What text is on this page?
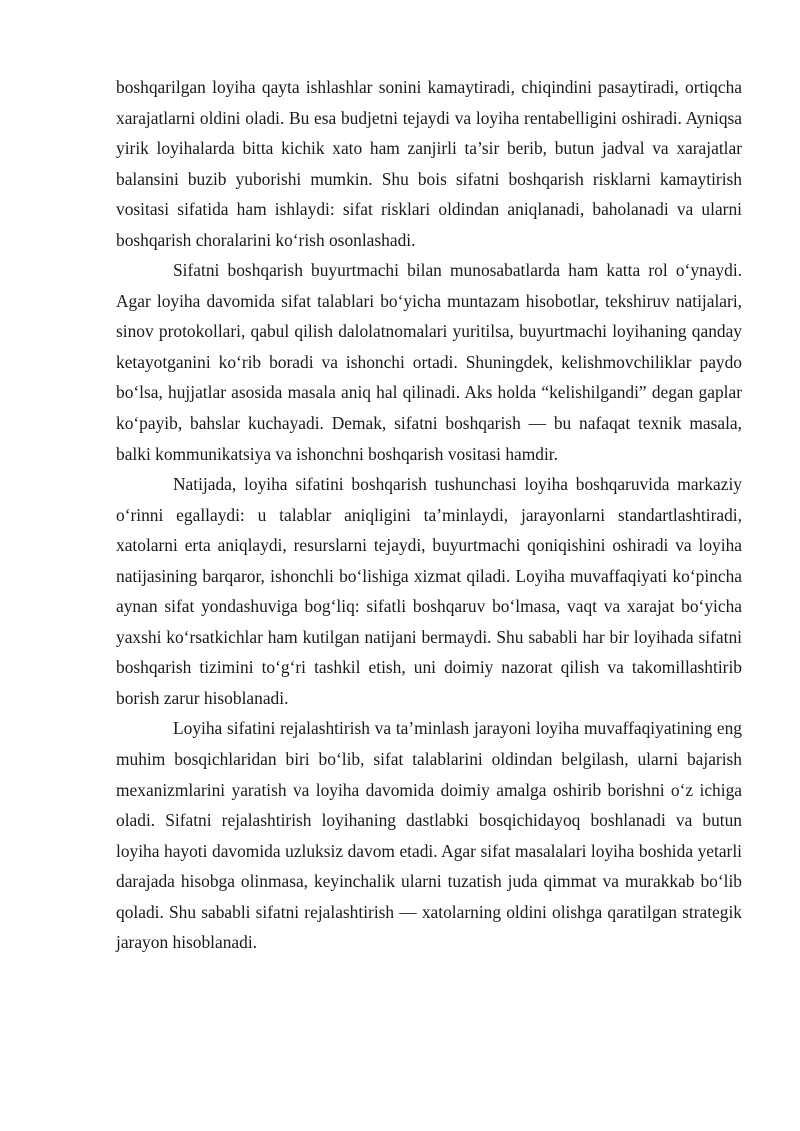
boshqarilgan loyiha qayta ishlashlar sonini kamaytiradi, chiqindini pasaytiradi, ortiqcha xarajatlarni oldini oladi. Bu esa budjetni tejaydi va loyiha rentabelligini oshiradi. Ayniqsa yirik loyihalarda bitta kichik xato ham zanjirli ta’sir berib, butun jadval va xarajatlar balansini buzib yuborishi mumkin. Shu bois sifatni boshqarish risklarni kamaytirish vositasi sifatida ham ishlaydi: sifat risklari oldindan aniqlanadi, baholanadi va ularni boshqarish choralarini koʻrish osonlashadi.

Sifatni boshqarish buyurtmachi bilan munosabatlarda ham katta rol oʻynaydi. Agar loyiha davomida sifat talablari boʻyicha muntazam hisobotlar, tekshiruv natijalari, sinov protokollari, qabul qilish dalolatnomalari yuritilsa, buyurtmachi loyihaning qanday ketayotganini koʻrib boradi va ishonchi ortadi. Shuningdek, kelishmovchiliklar paydo boʻlsa, hujjatlar asosida masala aniq hal qilinadi. Aks holda “kelishilgandi” degan gaplar koʻpayib, bahslar kuchayadi. Demak, sifatni boshqarish — bu nafaqat texnik masala, balki kommunikatsiya va ishonchni boshqarish vositasi hamdir.

Natijada, loyiha sifatini boshqarish tushunchasi loyiha boshqaruvida markaziy oʻrinni egallaydi: u talablar aniqligini ta’minlaydi, jarayonlarni standartlashtiradi, xatolarni erta aniqlaydi, resurslarni tejaydi, buyurtmachi qoniqishini oshiradi va loyiha natijasining barqaror, ishonchli boʻlishiga xizmat qiladi. Loyiha muvaffaqiyati koʻpincha aynan sifat yondashuviga bogʻliq: sifatli boshqaruv boʻlmasa, vaqt va xarajat boʻyicha yaxshi koʻrsatkichlar ham kutilgan natijani bermaydi. Shu sababli har bir loyihada sifatni boshqarish tizimini toʻgʻri tashkil etish, uni doimiy nazorat qilish va takomillashtirib borish zarur hisoblanadi.

Loyiha sifatini rejalashtirish va ta’minlash jarayoni loyiha muvaffaqiyatining eng muhim bosqichlaridan biri boʻlib, sifat talablarini oldindan belgilash, ularni bajarish mexanizmlarini yaratish va loyiha davomida doimiy amalga oshirib borishni oʻz ichiga oladi. Sifatni rejalashtirish loyihaning dastlabki bosqichidayoq boshlanadi va butun loyiha hayoti davomida uzluksiz davom etadi. Agar sifat masalalari loyiha boshida yetarli darajada hisobga olinmasa, keyinchalik ularni tuzatish juda qimmat va murakkab boʻlib qoladi. Shu sababli sifatni rejalashtirish — xatolarning oldini olishga qaratilgan strategik jarayon hisoblanadi.
